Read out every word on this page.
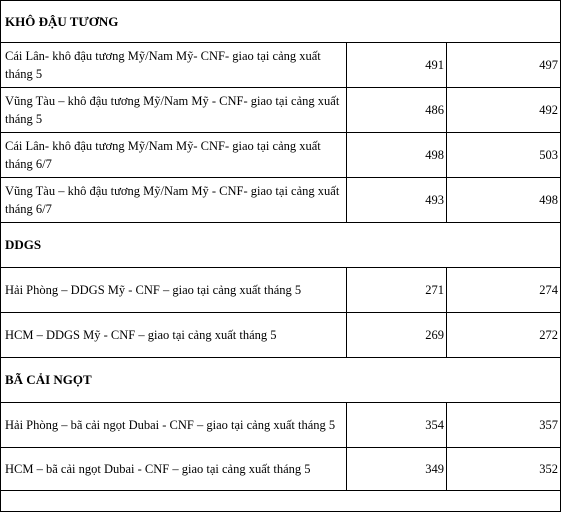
KHÔ ĐẬU TƯƠNG		
Cái Lân- khô đậu tương Mỹ/Nam Mỹ- CNF- giao tại cảng xuất tháng 5	491	497
Vũng Tàu – khô đậu tương Mỹ/Nam Mỹ - CNF- giao tại cảng xuất tháng 5	486	492
Cái Lân- khô đậu tương Mỹ/Nam Mỹ- CNF- giao tại cảng xuất tháng 6/7	498	503
Vũng Tàu – khô đậu tương Mỹ/Nam Mỹ - CNF- giao tại cảng xuất tháng 6/7	493	498
DDGS		
Hải Phòng – DDGS Mỹ - CNF – giao tại cảng xuất tháng 5	271	274
HCM – DDGS Mỹ - CNF – giao tại cảng xuất tháng 5	269	272
BÃ CẢI NGỌT		
Hải Phòng – bã cải ngọt Dubai - CNF – giao tại cảng xuất tháng 5	354	357
HCM – bã cải ngọt Dubai - CNF – giao tại cảng xuất tháng 5	349	352
